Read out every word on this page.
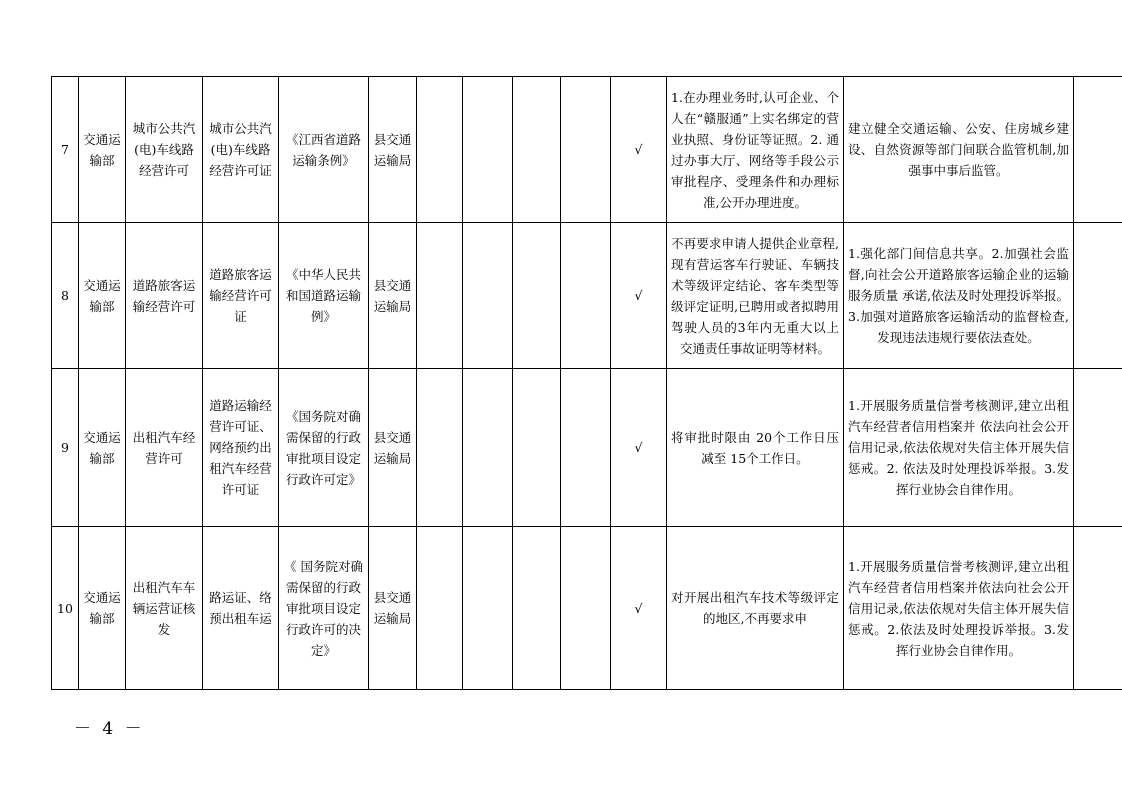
7	交通运输部	城市公共汽(电)车线路经营许可	城市公共汽(电)车线路经营许可证	《江西省道路运输条例》	县交通运输局					√	1.在办理业务时,认可企业、个人在“赣服通”上实名绑定的营业执照、身份证等证照。2. 通过办事大厅、网络等手段公示审批程序、受理条件和办理标准,公开办理进度。	建立健全交通运输、公安、住房城乡建设、自然资源等部门间联合监管机制,加强事中事后监管。	
8	交通运输部	道路旅客运输经营许可	道路旅客运输经营许可证	《中华人民共和国道路运输例》	县交通运输局					√	不再要求申请人提供企业章程,现有营运客车行驶证、车辆技术等级评定结论、客车类型等级评定证明,已聘用或者拟聘用驾驶人员的3年内无重大以上交通责任事故证明等材料。	1.强化部门间信息共享。2.加强社会监督,向社会公开道路旅客运输企业的运输服务质量 承诺,依法及时处理投诉举报。3.加强对道路旅客运输活动的监督检查,发现违法违规行要依法查处。	
9	交通运输部	出租汽车经营许可	道路运输经营许可证、网络预约出租汽车经营许可证	《国务院对确需保留的行政审批项目设定行政许可定》	县交通运输局					√	将审批时限由 20个工作日压减至 15个工作日。	1.开展服务质量信誉考核测评,建立出租汽车经营者信用档案并 依法向社会公开信用记录,依法依规对失信主体开展失信惩戒。2. 依法及时处理投诉举报。3.发挥行业协会自律作用。	
10	交通运输部	出租汽车车辆运营证核发	路运证、络预出租车运	《 国务院对确需保留的行政审批项目设定行政许可的决定》	县交通运输局					√	对开展出租汽车技术等级评定的地区,不再要求申	1.开展服务质量信誉考核测评,建立出租汽车经营者信用档案并依法向社会公开信用记录,依法依规对失信主体开展失信惩戒。2.依法及时处理投诉举报。3.发挥行业协会自律作用。	
－ 4 －
